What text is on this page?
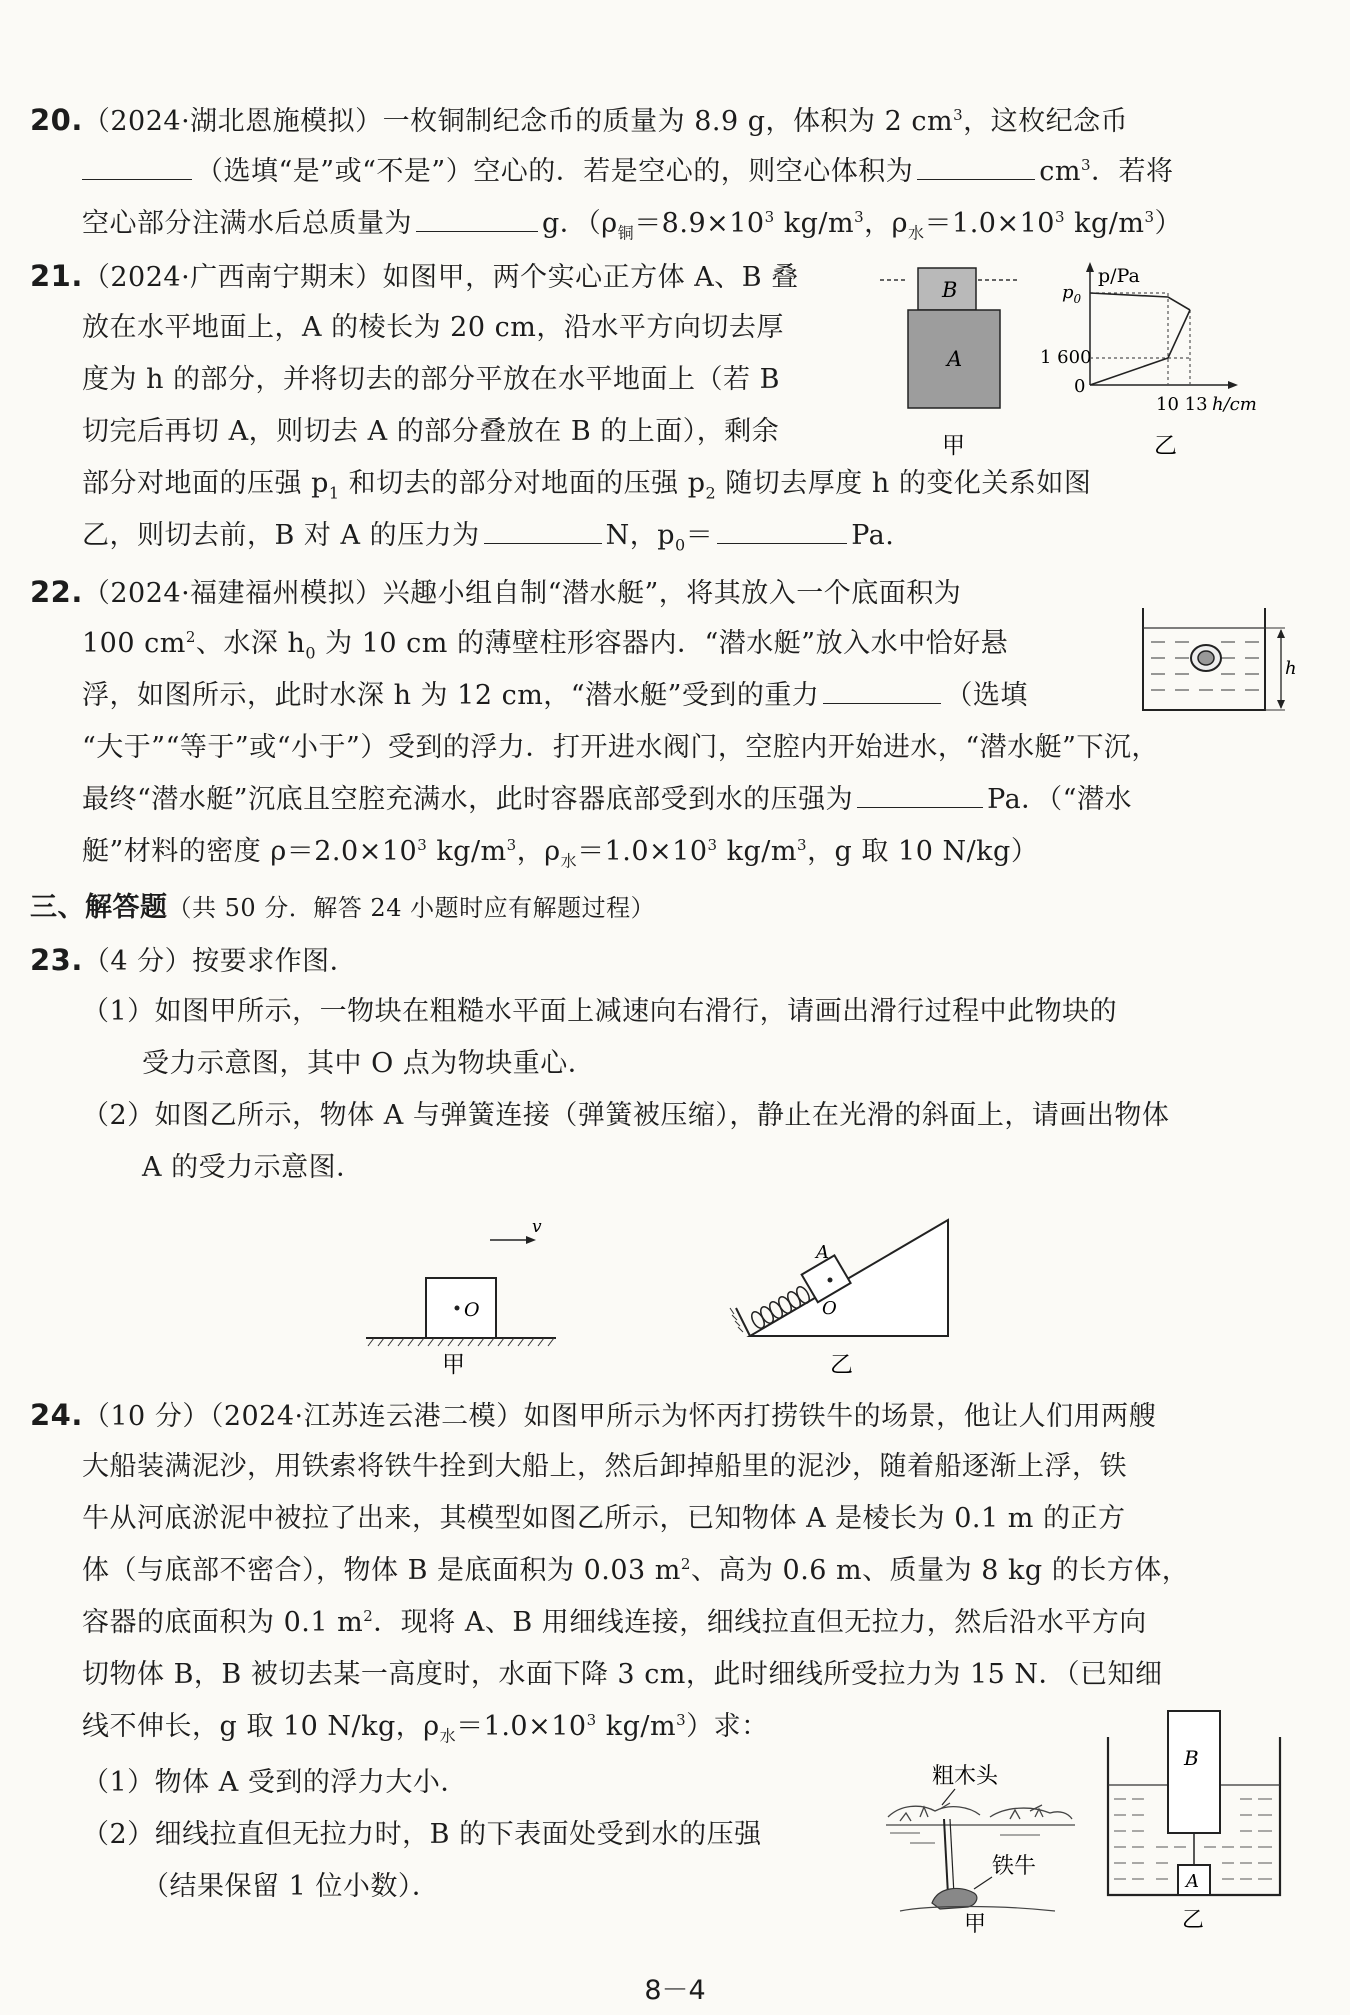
20.（2024·湖北恩施模拟）一枚铜制纪念币的质量为 8.9 g，体积为 2 $cm^3$，这枚纪念币
（选填“是”或“不是”）空心的．若是空心的，则空心体积为	$cm^3$．若将
空心部分注满水后总质量为	g．（$\rho_铜=8.9\times 10^3$ $kg/m^3$，$\rho_水=1.0\times 10^3$ $kg/m^3$）
21.（2024·广西南宁期末）如图甲，两个实心正方体 A、B 叠
放在水平地面上，A 的棱长为 20 cm，沿水平方向切去厚
度为 h 的部分，并将切去的部分平放在水平地面上（若 B
切完后再切 A，则切去 A 的部分叠放在 B 的上面），剩余
部分对地面的压强 $p_1$ 和切去的部分对地面的压强 $p_2$ 随切去厚度 h 的变化关系如图
乙，则切去前，B 对 A 的压力为	N，$p_0=$	Pa.
B
A
甲
p/Pa
$p_0$
1 600
0
10 13 h/cm
乙
22.（2024·福建福州模拟）兴趣小组自制“潜水艇”，将其放入一个底面积为
100 $cm^2$、水深 $h_0$ 为 10 cm 的薄壁柱形容器内．“潜水艇”放入水中恰好悬
浮，如图所示，此时水深 h 为 12 cm，“潜水艇”受到的重力	（选填
“大于”“等于”或“小于”）受到的浮力．打开进水阀门，空腔内开始进水，“潜水艇”下沉，
最终“潜水艇”沉底且空腔充满水，此时容器底部受到水的压强为	Pa．（“潜水
艇”材料的密度 $\rho=2.0\times 10^3$ $kg/m^3$，$\rho_水=1.0\times 10^3$ $kg/m^3$，g 取 10 N/kg）
h
三、解答题（共 50 分．解答 24 小题时应有解题过程）
23.（4 分）按要求作图．
（1）如图甲所示，一物块在粗糙水平面上减速向右滑行，请画出滑行过程中此物块的
受力示意图，其中 O 点为物块重心．
（2）如图乙所示，物体 A 与弹簧连接（弹簧被压缩），静止在光滑的斜面上，请画出物体
A 的受力示意图．
v
O
甲
A
O
乙
24.（10 分）（2024·江苏连云港二模）如图甲所示为怀丙打捞铁牛的场景，他让人们用两艘
大船装满泥沙，用铁索将铁牛拴到大船上，然后卸掉船里的泥沙，随着船逐渐上浮，铁
牛从河底淤泥中被拉了出来，其模型如图乙所示，已知物体 A 是棱长为 0.1 m 的正方
体（与底部不密合），物体 B 是底面积为 0.03 $m^2$、高为 0.6 m、质量为 8 kg 的长方体，
容器的底面积为 0.1 $m^2$．现将 A、B 用细线连接，细线拉直但无拉力，然后沿水平方向
切物体 B，B 被切去某一高度时，水面下降 3 cm，此时细线所受拉力为 15 N．（已知细
线不伸长，g 取 10 N/kg，$\rho_水=1.0\times 10^3$ $kg/m^3$）求：
（1）物体 A 受到的浮力大小．
（2）细线拉直但无拉力时，B 的下表面处受到水的压强
（结果保留 1 位小数）．
粗木头
铁牛
甲
B
A
乙
8－4
